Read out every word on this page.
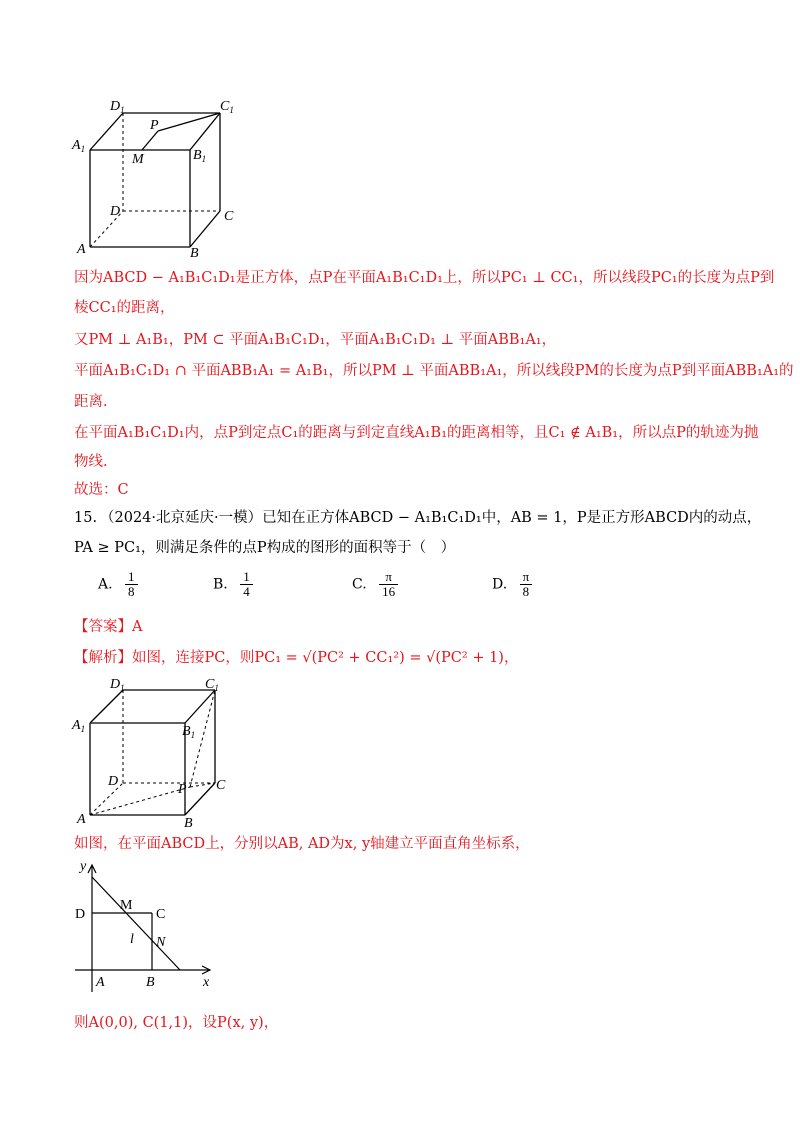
$D_1$	$C_1$
P
$A_1$
M	$B_1$
D	C
A	B
因为ABCD − A₁B₁C₁D₁是正方体，点P在平面A₁B₁C₁D₁上，所以PC₁ ⊥ CC₁，所以线段PC₁的长度为点P到
棱CC₁的距离，
又PM ⊥ A₁B₁，PM ⊂ 平面A₁B₁C₁D₁，平面A₁B₁C₁D₁ ⊥ 平面ABB₁A₁，
平面A₁B₁C₁D₁ ∩ 平面ABB₁A₁ = A₁B₁，所以PM ⊥ 平面ABB₁A₁，所以线段PM的长度为点P到平面ABB₁A₁的
距离.
在平面A₁B₁C₁D₁内，点P到定点C₁的距离与到定直线A₁B₁的距离相等，且C₁ ∉ A₁B₁，所以点P的轨迹为抛
物线.
故选：C
15. （2024·北京延庆·一模）已知在正方体ABCD − A₁B₁C₁D₁中，AB = 1，P是正方形ABCD内的动点，
PA ≥ PC₁，则满足条件的点P构成的图形的面积等于（　）
A. $\frac{1}{8}$	B. $\frac{1}{4}$	C. $\frac{\pi}{16}$	D. $\frac{\pi}{8}$
【答案】A
【解析】如图，连接PC，则PC₁ = √(PC² + CC₁²) = √(PC² + 1)，
$D_1$	$C_1$
$A_1$	$B_1$
D	C
P
A	B
如图，在平面ABCD上，分别以AB, AD为x, y轴建立平面直角坐标系，
y
x
D
M
C
l N
A	B
则A(0,0), C(1,1)，设P(x, y)，
